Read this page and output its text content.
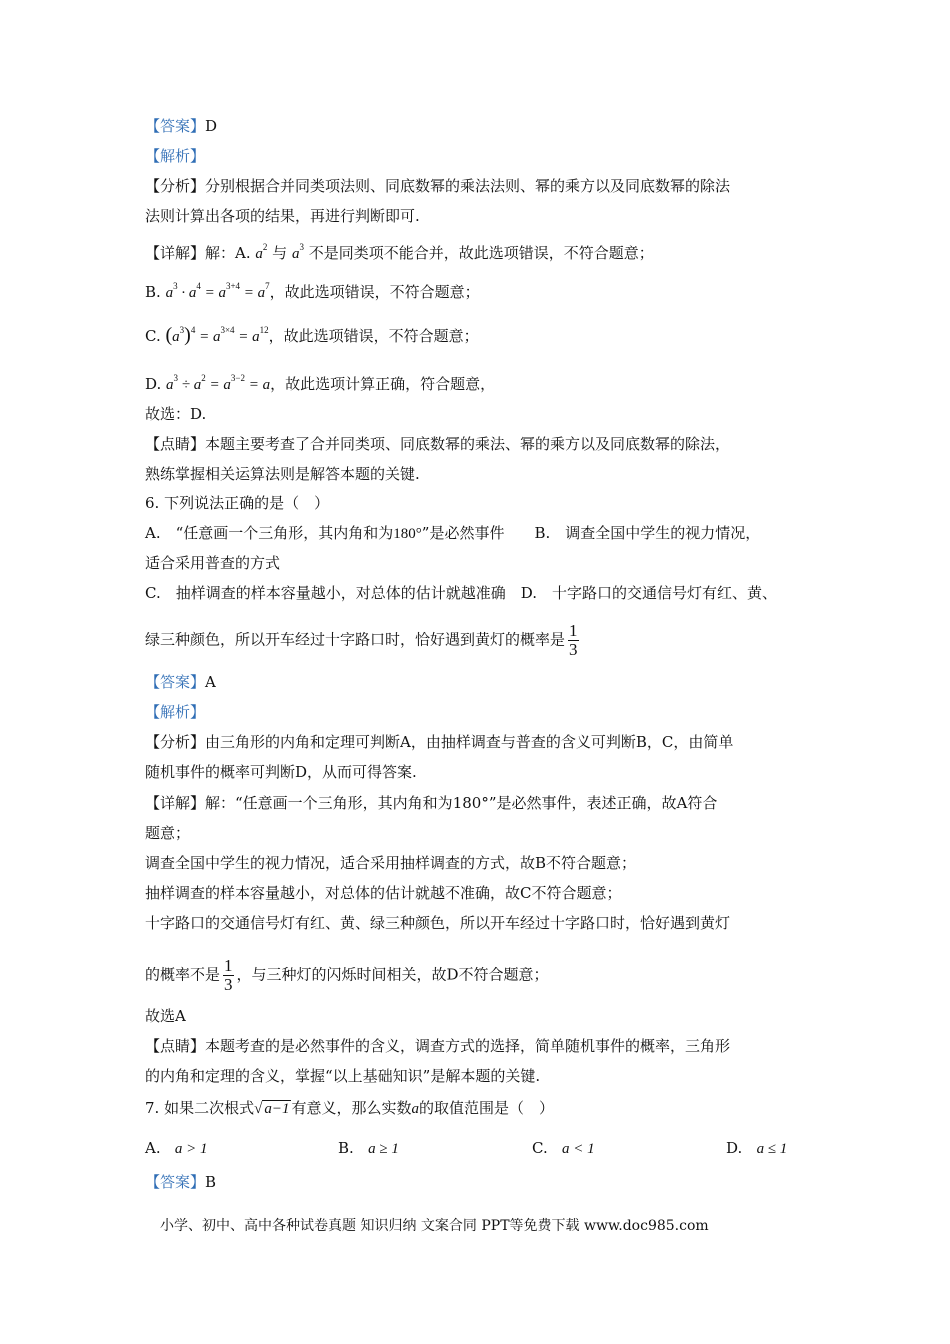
【答案】D
【解析】
【分析】分别根据合并同类项法则、同底数幂的乘法法则、幂的乘方以及同底数幂的除法
法则计算出各项的结果，再进行判断即可.
【详解】解：A. $a^2$ 与 $a^3$ 不是同类项不能合并，故此选项错误，不符合题意；
B. $a^3 \cdot a^4 = a^{3+4} = a^7$，故此选项错误，不符合题意；
C. $(a^3)^4 = a^{3\times 4} = a^{12}$，故此选项错误，不符合题意；
D. $a^3 \div a^2 = a^{3-2} = a$，故此选项计算正确，符合题意，
故选：D.
【点睛】本题主要考查了合并同类项、同底数幂的乘法、幂的乘方以及同底数幂的除法，
熟练掌握相关运算法则是解答本题的关键.
6. 下列说法正确的是（　）
A.　“任意画一个三角形，其内角和为180°”是必然事件　　B.　调查全国中学生的视力情况，
适合采用普查的方式
C.　抽样调查的样本容量越小，对总体的估计就越准确　D.　十字路口的交通信号灯有红、黄、
绿三种颜色，所以开车经过十字路口时，恰好遇到黄灯的概率是 $\frac{1}{3}$
【答案】A
【解析】
【分析】由三角形的内角和定理可判断A，由抽样调查与普查的含义可判断B，C，由简单
随机事件的概率可判断D，从而可得答案.
【详解】解：“任意画一个三角形，其内角和为180°”是必然事件，表述正确，故A符合
题意；
调查全国中学生的视力情况，适合采用抽样调查的方式，故B不符合题意；
抽样调查的样本容量越小，对总体的估计就越不准确，故C不符合题意；
十字路口的交通信号灯有红、黄、绿三种颜色，所以开车经过十字路口时，恰好遇到黄灯
的概率不是 $\frac{1}{3}$ ，与三种灯的闪烁时间相关，故D不符合题意；
故选A
【点睛】本题考查的是必然事件的含义，调查方式的选择，简单随机事件的概率，三角形
的内角和定理的含义，掌握“以上基础知识”是解本题的关键.
7. 如果二次根式√ a−1 有意义，那么实数a的取值范围是（　）
A. a > 1	B. a ≥ 1	C. a < 1	D. a ≤ 1
【答案】B
小学、初中、高中各种试卷真题 知识归纳 文案合同 PPT等免费下载 www.doc985.com
